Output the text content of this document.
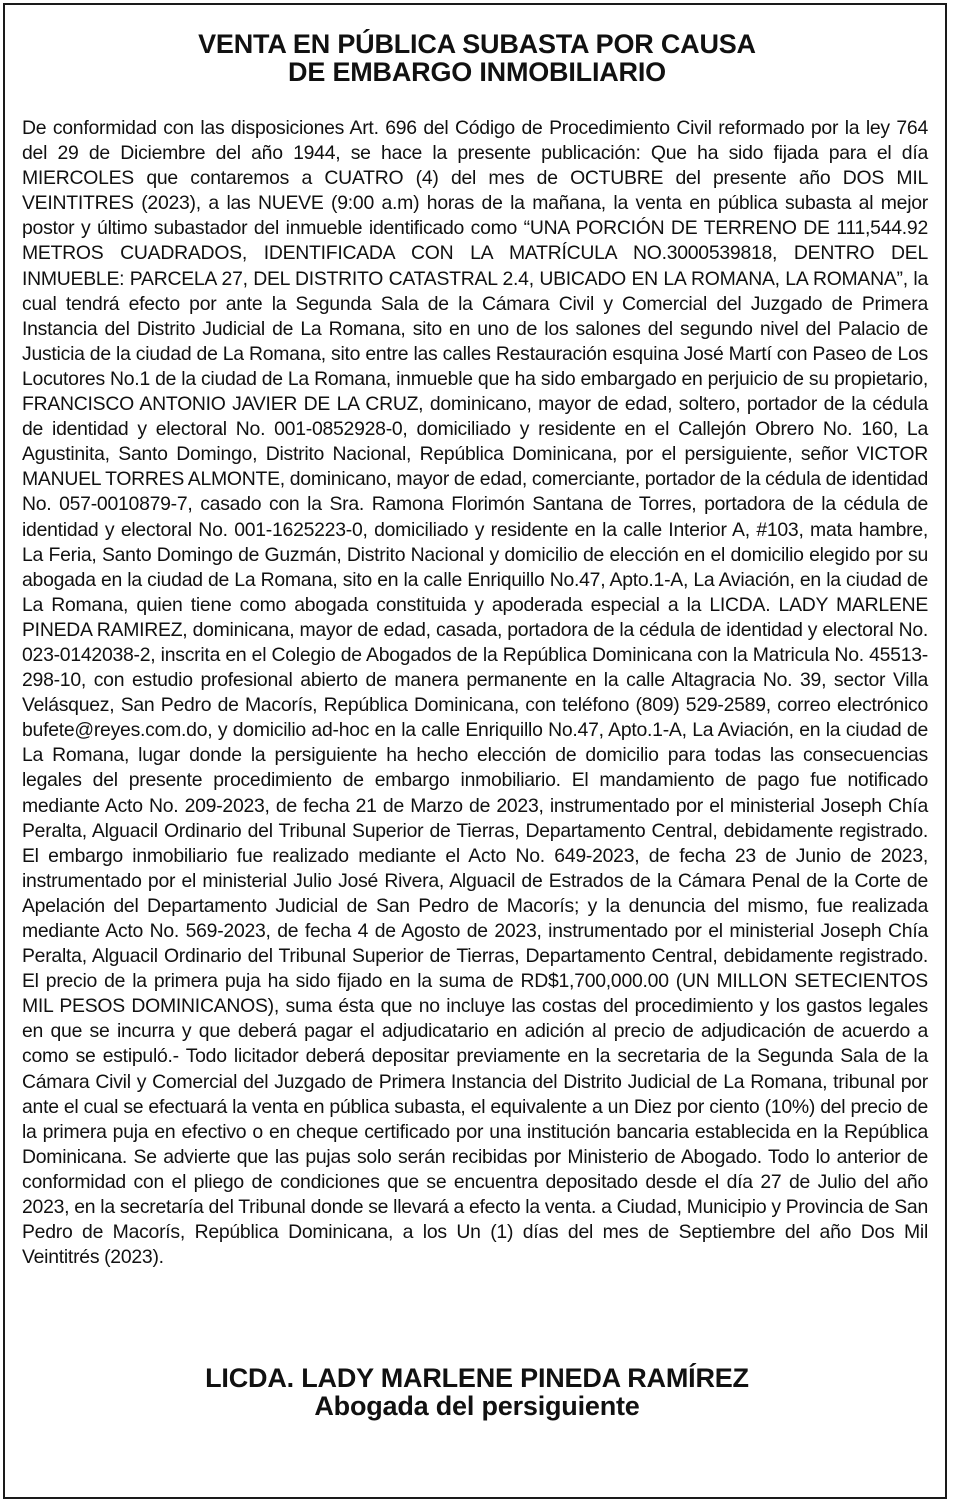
VENTA EN PÚBLICA SUBASTA POR CAUSA
DE EMBARGO INMOBILIARIO

De conformidad con las disposiciones Art. 696 del Código de Procedimiento Civil reformado por la ley 764 del 29 de Diciembre del año 1944, se hace la presente publicación: Que ha sido fijada para el día MIERCOLES que contaremos a CUATRO (4) del mes de OCTUBRE del presente año DOS MIL VEINTITRES (2023), a las NUEVE (9:00 a.m) horas de la mañana, la venta en pública subasta al mejor postor y último subastador del inmueble identificado como “UNA PORCIÓN DE TERRENO DE 111,544.92 METROS CUADRADOS, IDENTIFICADA CON LA MATRÍCULA NO.3000539818, DENTRO DEL INMUEBLE: PARCELA 27, DEL DISTRITO CATASTRAL 2.4, UBICADO EN LA ROMANA, LA ROMANA”, la cual tendrá efecto por ante la Segunda Sala de la Cámara Civil y Comercial del Juzgado de Primera Instancia del Distrito Judicial de La Romana, sito en uno de los salones del segundo nivel del Palacio de Justicia de la ciudad de La Romana, sito entre las calles Restauración esquina José Martí con Paseo de Los Locutores No.1 de la ciudad de La Romana, inmueble que ha sido embargado en perjuicio de su propietario, FRANCISCO ANTONIO JAVIER DE LA CRUZ, dominicano, mayor de edad, soltero, portador de la cédula de identidad y electoral No. 001-0852928-0, domiciliado y residente en el Callejón Obrero No. 160, La Agustinita, Santo Domingo, Distrito Nacional, República Dominicana, por el persiguiente, señor VICTOR MANUEL TORRES ALMONTE, dominicano, mayor de edad, comerciante, portador de la cédula de identidad No. 057-0010879-7, casado con la Sra. Ramona Florimón Santana de Torres, portadora de la cédula de identidad y electoral No. 001-1625223-0, domiciliado y residente en la calle Interior A, #103, mata hambre, La Feria, Santo Domingo de Guzmán, Distrito Nacional y domicilio de elección en el domicilio elegido por su abogada en la ciudad de La Romana, sito en la calle Enriquillo No.47, Apto.1-A, La Aviación, en la ciudad de La Romana, quien tiene como abogada constituida y apoderada especial a la LICDA. LADY MARLENE PINEDA RAMIREZ, dominicana, mayor de edad, casada, portadora de la cédula de identidad y electoral No. 023-0142038-2, inscrita en el Colegio de Abogados de la República Dominicana con la Matricula No. 45513-298-10, con estudio profesional abierto de manera permanente en la calle Altagracia No. 39, sector Villa Velásquez, San Pedro de Macorís, República Dominicana, con teléfono (809) 529-2589, correo electrónico bufete@reyes.com.do, y domicilio ad-hoc en la calle Enriquillo No.47, Apto.1-A, La Aviación, en la ciudad de La Romana, lugar donde la persiguiente ha hecho elección de domicilio para todas las consecuencias legales del presente procedimiento de embargo inmobiliario. El mandamiento de pago fue notificado mediante Acto No. 209-2023, de fecha 21 de Marzo de 2023, instrumentado por el ministerial Joseph Chía Peralta, Alguacil Ordinario del Tribunal Superior de Tierras, Departamento Central, debidamente registrado. El embargo inmobiliario fue realizado mediante el Acto No. 649-2023, de fecha 23 de Junio de 2023, instrumentado por el ministerial Julio José Rivera, Alguacil de Estrados de la Cámara Penal de la Corte de Apelación del Departamento Judicial de San Pedro de Macorís; y la denuncia del mismo, fue realizada mediante Acto No. 569-2023, de fecha 4 de Agosto de 2023, instrumentado por el ministerial Joseph Chía Peralta, Alguacil Ordinario del Tribunal Superior de Tierras, Departamento Central, debidamente registrado. El precio de la primera puja ha sido fijado en la suma de RD$1,700,000.00 (UN MILLON SETECIENTOS MIL PESOS DOMINICANOS), suma ésta que no incluye las costas del procedimiento y los gastos legales en que se incurra y que deberá pagar el adjudicatario en adición al precio de adjudicación de acuerdo a como se estipuló.- Todo licitador deberá depositar previamente en la secretaria de la Segunda Sala de la Cámara Civil y Comercial del Juzgado de Primera Instancia del Distrito Judicial de La Romana, tribunal por ante el cual se efectuará la venta en pública subasta, el equivalente a un Diez por ciento (10%) del precio de la primera puja en efectivo o en cheque certificado por una institución bancaria establecida en la República Dominicana. Se advierte que las pujas solo serán recibidas por Ministerio de Abogado. Todo lo anterior de conformidad con el pliego de condiciones que se encuentra depositado desde el día 27 de Julio del año 2023, en la secretaría del Tribunal donde se llevará a efecto la venta. a Ciudad, Municipio y Provincia de San Pedro de Macorís, República Dominicana, a los Un (1) días del mes de Septiembre del año Dos Mil Veintitrés (2023).

LICDA. LADY MARLENE PINEDA RAMÍREZ
Abogada del persiguiente
